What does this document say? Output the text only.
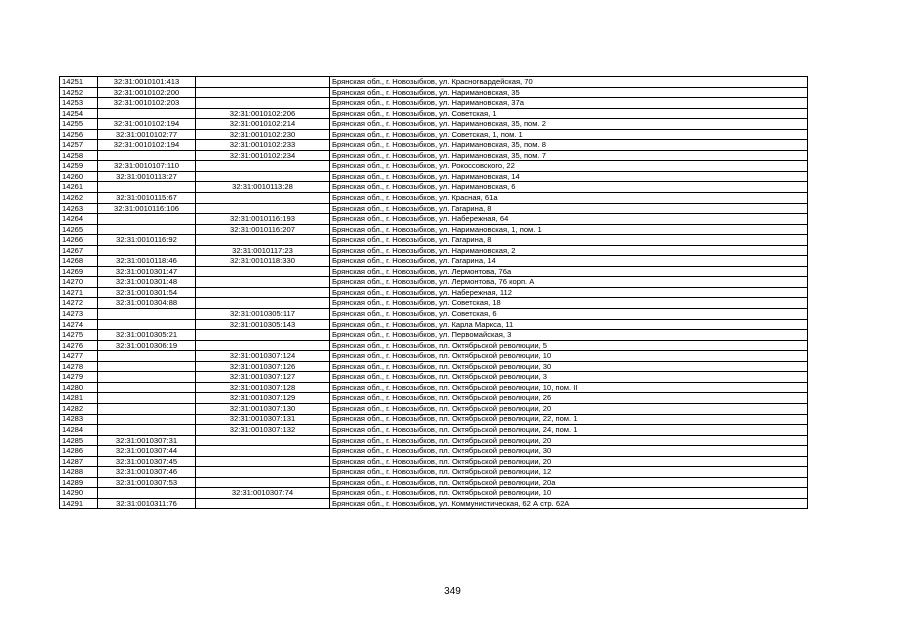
14251	32:31:0010101:413		Брянская обл., г. Новозыбков, ул. Красногвардейская, 70
14252	32:31:0010102:200		Брянская обл., г. Новозыбков, ул. Наримановская, 35
14253	32:31:0010102:203		Брянская обл., г. Новозыбков, ул. Наримановская, 37а
14254		32:31:0010102:206	Брянская обл., г. Новозыбков, ул. Советская, 1
14255	32:31:0010102:194	32:31:0010102:214	Брянская обл., г. Новозыбков, ул. Наримановская, 35, пом. 2
14256	32:31:0010102:77	32:31:0010102:230	Брянская обл., г. Новозыбков, ул. Советская, 1, пом. 1
14257	32:31:0010102:194	32:31:0010102:233	Брянская обл., г. Новозыбков, ул. Наримановская, 35, пом. 8
14258		32:31:0010102:234	Брянская обл., г. Новозыбков, ул. Наримановская, 35, пом. 7
14259	32:31:0010107:110		Брянская обл., г. Новозыбков, ул. Рокоссовского, 22
14260	32:31:0010113:27		Брянская обл., г. Новозыбков, ул. Наримановская, 14
14261		32:31:0010113:28	Брянская обл., г. Новозыбков, ул. Наримановская, 6
14262	32:31:0010115:67		Брянская обл., г. Новозыбков, ул. Красная, 61а
14263	32:31:0010116:106		Брянская обл., г. Новозыбков, ул. Гагарина, 8
14264		32:31:0010116:193	Брянская обл., г. Новозыбков, ул. Набережная, 64
14265		32:31:0010116:207	Брянская обл., г. Новозыбков, ул. Наримановская, 1, пом. 1
14266	32:31:0010116:92		Брянская обл., г. Новозыбков, ул. Гагарина, 8
14267		32:31:0010117:23	Брянская обл., г. Новозыбков, ул. Наримановская, 2
14268	32:31:0010118:46	32:31:0010118:330	Брянская обл., г. Новозыбков, ул. Гагарина, 14
14269	32:31:0010301:47		Брянская обл., г. Новозыбков, ул. Лермонтова, 76а
14270	32:31:0010301:48		Брянская обл., г. Новозыбков, ул. Лермонтова, 76 корп. А
14271	32:31:0010301:54		Брянская обл., г. Новозыбков, ул. Набережная, 112
14272	32:31:0010304:88		Брянская обл., г. Новозыбков, ул. Советская, 18
14273		32:31:0010305:117	Брянская обл., г. Новозыбков, ул. Советская, 6
14274		32:31:0010305:143	Брянская обл., г. Новозыбков, ул. Карла Маркса, 11
14275	32:31:0010305:21		Брянская обл., г. Новозыбков, ул. Первомайская, 3
14276	32:31:0010306:19		Брянская обл., г. Новозыбков, пл. Октябрьской революции, 5
14277		32:31:0010307:124	Брянская обл., г. Новозыбков, пл. Октябрьской революции, 10
14278		32:31:0010307:126	Брянская обл., г. Новозыбков, пл. Октябрьской революции, 30
14279		32:31:0010307:127	Брянская обл., г. Новозыбков, пл. Октябрьской революции, 3
14280		32:31:0010307:128	Брянская обл., г. Новозыбков, пл. Октябрьской революции, 10, пом. II
14281		32:31:0010307:129	Брянская обл., г. Новозыбков, пл. Октябрьской революции, 26
14282		32:31:0010307:130	Брянская обл., г. Новозыбков, пл. Октябрьской революции, 20
14283		32:31:0010307:131	Брянская обл., г. Новозыбков, пл. Октябрьской революции, 22, пом. 1
14284		32:31:0010307:132	Брянская обл., г. Новозыбков, пл. Октябрьской революции, 24, пом. 1
14285	32:31:0010307:31		Брянская обл., г. Новозыбков, пл. Октябрьской революции, 20
14286	32:31:0010307:44		Брянская обл., г. Новозыбков, пл. Октябрьской революции, 30
14287	32:31:0010307:45		Брянская обл., г. Новозыбков, пл. Октябрьской революции, 20
14288	32:31:0010307:46		Брянская обл., г. Новозыбков, пл. Октябрьской революции, 12
14289	32:31:0010307:53		Брянская обл., г. Новозыбков, пл. Октябрьской революции, 20а
14290		32:31:0010307:74	Брянская обл., г. Новозыбков, пл. Октябрьской революции, 10
14291	32:31:0010311:76		Брянская обл., г. Новозыбков, ул. Коммунистическая, 62 А стр. 62А
349
